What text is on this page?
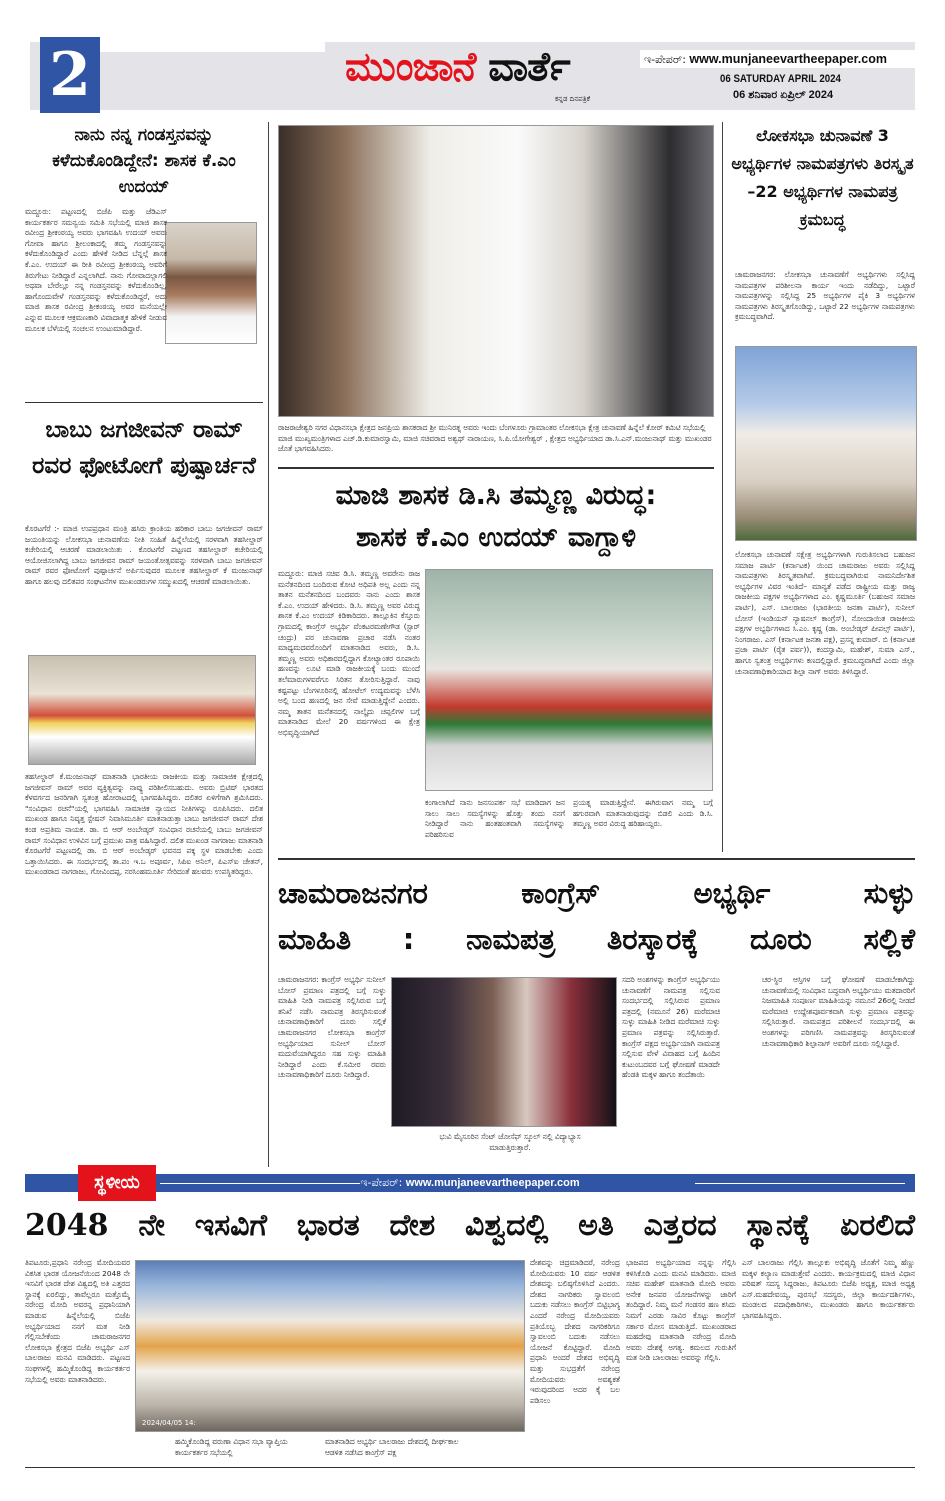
2	ಮುಂಜಾನೆ ವಾರ್ತೆ
ಕನ್ನಡ ದಿನಪತ್ರಿಕೆ
ಇ-ಪೇಪರ್: www.munjaneevartheepaper.com
06 SATURDAY APRIL 2024
06 ಶನಿವಾರ ಏಪ್ರಿಲ್ 2024
ನಾನು ನನ್ನ ಗಂಡಸ್ತನವನ್ನು ಕಳೆದುಕೊಂಡಿದ್ದೇನೆ: ಶಾಸಕ ಕೆ.ಎಂ ಉದಯ್
ಮದ್ದೂರು: ಪಟ್ಟಣದಲ್ಲಿ ಬಿಜೆಪಿ ಮತ್ತು ಜೆಡಿಎಸ್ ಕಾರ್ಯಕರ್ತರ ಸಮನ್ವಯ ಸಮಿತಿ ಸಭೆಯಲ್ಲಿ ಮಾಜಿ ಶಾಸಕ ರವೀಂದ್ರ ಶ್ರೀಕಂಠಯ್ಯ ಅವರು ಭಾಗವಹಿಸಿ ಉದಯ್ ಅವರು ಗೋವಾ ಹಾಗೂ ಶ್ರೀಲಂಕಾದಲ್ಲಿ ತಮ್ಮ ಗಂಡಸ್ತನವನ್ನು ಕಳೆದುಕೊಂಡಿದ್ದಾರೆ ಎಂದು ಹೇಳಿಕೆ ನೀಡಿದ ಬೆನ್ನಲ್ಲೆ ಶಾಸಕ ಕೆ.ಎಂ. ಉದಯ್ ಈ ರೀತಿ ರವೀಂದ್ರ ಶ್ರೀಕಂಠಯ್ಯ ಅವರಿಗೆ ತಿರುಗೇಟು ನೀಡಿದ್ದಾರೆ ಎನ್ನಲಾಗಿದೆ. ನಾನು ಗೋವಾದಲ್ಲಾಗಲಿ ಅಥವಾ ಬೇರೆಲ್ಲೂ ನನ್ನ ಗಂಡಸ್ತನವನ್ನು ಕಳೆದುಕೊಂಡಿಲ್ಲ, ಹಾಗೊಂದುವೇಳೆ ಗಂಡಸ್ತನವನ್ನು ಕಳೆದುಕೊಂಡಿದ್ದರೆ, ಅದು ಮಾಜಿ ಶಾಸಕ ರವೀಂದ್ರ ಶ್ರೀಕಂಠಯ್ಯ ಅವರ ಮನೆಯಲ್ಲೇ ಎನ್ನುವ ಮೂಲಕ ಆಕ್ರಮಣಕಾರಿ ವಿವಾದಾತ್ಮಕ ಹೇಳಿಕೆ ನೀಡುವ ಮೂಲಕ ಬೆಳೆಯಲ್ಲಿ ಸಂಚಲನ ಉಂಟುಮಾಡಿದ್ದಾರೆ.
ಬಾಬು ಜಗಜೀವನ್ ರಾಮ್ ರವರ ಫೋಟೋಗೆ ಪುಷ್ಪಾರ್ಚನೆ
ಕೊರಟಗೆರೆ :- ಮಾಜಿ ಉಪಪ್ರಧಾನ ಮಂತ್ರಿ ಹಸಿರು ಕ್ರಾಂತಿಯ ಹರಿಕಾರ ಬಾಬು ಜಗಜೀವನ್ ರಾಮ್ ಜಯಂತಿಯನ್ನು ಲೋಕಸಭಾ ಚುನಾವಣೆಯ ನೀತಿ ಸಂಹಿತೆ ಹಿನ್ನೆಲೆಯಲ್ಲಿ ಸರಳವಾಗಿ ತಹಸೀಲ್ದಾರ್ ಕಚೇರಿಯಲ್ಲಿ ಆಚರಣೆ ಮಾಡಲಾಯಿತು . ಕೊರಟಗೆರೆ ಪಟ್ಟಣದ ತಹಸೀಲ್ದಾರ್ ಕಚೇರಿಯಲ್ಲಿ ಆಯೋಜಿಸಲಾಗಿದ್ದ ಬಾಬು ಜಗಜೀವನ ರಾಮ್ ಜಯಂತೋತ್ಸವವನ್ನು ಸರಳವಾಗಿ ಬಾಬು ಜಗಜೀವನ್ ರಾಮ್ ರವರ ಫೋಟೋಗೆ ಪುಷ್ಪಾರ್ಚನೆ ಅರ್ಪಿಸುವುದರ ಮೂಲಕ ತಹಸೀಲ್ದಾರ್ ಕೆ ಮಂಜುನಾಥ್ ಹಾಗೂ ಹಲವು ದಲಿತಪರ ಸಂಘಟನೆಗಳ ಮುಖಂಡರುಗಳ ಸಮ್ಮುಖದಲ್ಲಿ ಆಚರಣೆ ಮಾಡಲಾಯಿತು.
ತಹಸೀಲ್ದಾರ್ ಕೆ.ಮಂಜುನಾಥ್ ಮಾತನಾಡಿ ಭಾರತೀಯ ರಾಜಕೀಯ ಮತ್ತು ಸಾಮಾಜಿಕ ಕ್ಷೇತ್ರದಲ್ಲಿ ಜಗಜೀವನ್ ರಾಮ್ ಅವರ ವ್ಯಕ್ತಿತ್ವವನ್ನು ನಾವ್ಯು ಪರಿಶೀಲಿಸಬಹುದು. ಅವರು ಬ್ರಿಟಿಷ್ ಭಾರತದ ಕೆಳವರ್ಗದ ಜನರಿಗಾಗಿ ಸ್ವತಂತ್ರ ಹೋರಾಟದಲ್ಲಿ ಭಾಗವಹಿಸಿದ್ದರು. ದಲಿತರ ಏಳಿಗೆಗಾಗಿ ಶ್ರಮಿಸಿದರು. "ಸಂವಿಧಾನ ರಚನೆ"ಯಲ್ಲಿ ಭಾಗವಹಿಸಿ ಸಾಮಾಜಿಕ ನ್ಯಾಯದ ನೀತಿಗಳನ್ನು ರೂಪಿಸಿದರು. ದಲಿತ ಮುಖಂಡ ಹಾಗೂ ನಿವೃತ್ತ ಸ್ಟೇಷನ್ ನಿವಾಸಿಮೂರ್ತಿ ಮಾತನಾಡುತ್ತಾ ಬಾಬು ಜಗಜೀವನ್ ರಾಮ್ ದೇಶ ಕಂಡ ಅಪ್ರತಿಮ ನಾಯಕ. ಡಾ. ಬಿ ಆರ್ ಅಂಬೇಡ್ಕರ್ ಸಂವಿಧಾನ ರಚನೆಯಲ್ಲಿ ಬಾಬು ಜಗಜೀವನ್ ರಾಮ್ ಸಂವಿಧಾನ ಉಳಿವಿನ ಬಗ್ಗೆ ಪ್ರಮುಖ ಪಾತ್ರ ವಹಿಸಿದ್ದಾರೆ. ದಲಿತ ಮುಖಂಡ ನಾಗರಾಜು ಮಾತನಾಡಿ ಕೊರಟಗೆರೆ ಪಟ್ಟಣದಲ್ಲಿ ಡಾ. ಬಿ ಆರ್ ಅಂಬೇಡ್ಕರ್ ಭವನದ ಪಕ್ಕ ಸ್ಥಳ ಮಾಡಬೇಕು ಎಂದು ಒತ್ತಾಯಿಸಿದರು. ಈ ಸಂದರ್ಭದಲ್ಲಿ ತಾ.ಪಂ ಇ.ಒ ಅಪೂರ್ವ, ಸಿಪಿಐ ಅನಿಲ್, ಪಿಎಸ್ಐ ಚೇತನ್, ಮುಖಂಡರಾದ ನಾಗರಾಜು, ಗೋವಿಂದಪ್ಪ, ನರಸಿಂಹಮೂರ್ತಿ ಸೇರಿದಂತೆ ಹಲವರು ಉಪಸ್ಥಿತರಿದ್ದರು.
ರಾಜರಾಜೇಶ್ವರಿ ನಗರ ವಿಧಾನಸಭಾ ಕ್ಷೇತ್ರದ ಜನಪ್ರಿಯ ಶಾಸಕರಾದ ಶ್ರೀ ಮುನಿರತ್ನ ಅವರು ಇಂದು ಬೆಂಗಳೂರು ಗ್ರಾಮಾಂತರ ಲೋಕಸಭಾ ಕ್ಷೇತ್ರ ಚುನಾವಣೆ ಹಿನ್ನೆಲೆ ಕೋರ್ ಕಮಿಟಿ ಸಭೆಯಲ್ಲಿ ಮಾಜಿ ಮುಖ್ಯಮಂತ್ರಿಗಳಾದ ಎಚ್.ಡಿ.ಕುಮಾರಸ್ವಾಮಿ, ಮಾಜಿ ಸಚಿವರಾದ ಅಶ್ವಥ್ ನಾರಾಯಣ, ಸಿ.ಪಿ.ಯೋಗೇಶ್ವರ್ , ಕ್ಷೇತ್ರದ ಅಭ್ಯರ್ಥಿಯಾದ ಡಾ.ಸಿ.ಎನ್.ಮಂಜುನಾಥ್ ಮತ್ತು ಮುಖಂಡರ ಜೊತೆ ಭಾಗವಹಿಸಿದರು.
ಮಾಜಿ ಶಾಸಕ ಡಿ.ಸಿ ತಮ್ಮಣ್ಣ ವಿರುದ್ಧ:
ಶಾಸಕ ಕೆ.ಎಂ ಉದಯ್ ವಾಗ್ದಾಳಿ
ಮದ್ದೂರು: ಮಾಜಿ ಸಚಿವ ಡಿ.ಸಿ. ತಮ್ಮಣ್ಣ ಅವರೇನು ರಾಜ ಮನೆತನದಿಂದ ಬಂದಿರುವ ಕೋಟಿ ಅಧಿಪತಿ ಅಲ್ಲ ಎಂದು ನನ್ನ ತಾತನ ಮನೆತನದಿಂದ ಬಂದವರು ನಾನು ಎಂದು ಶಾಸಕ ಕೆ.ಎಂ. ಉದಯ್ ಹೇಳಿದರು. ಡಿ.ಸಿ. ತಮ್ಮಣ್ಣ ಅವರ ವಿರುದ್ಧ ಶಾಸಕ ಕೆ.ಎಂ ಉದಯ್ ಕಿಡಿಕಾರಿದರು. ತಾಲ್ಲೂಕಿನ ಕೆಸ್ತೂರು ಗ್ರಾಮದಲ್ಲಿ ಕಾಂಗ್ರೆಸ್ ಅಭ್ಯರ್ಥಿ ವೆಂಕಟರಮಣೇಗೌಡ (ಸ್ಟಾರ್ ಚಂದ್ರು) ಪರ ಚುನಾವಣಾ ಪ್ರಚಾರ ನಡೆಸಿ ನಂತರ ಮಾಧ್ಯಮದವರೊಂದಿಗೆ ಮಾತನಾಡಿದ ಅವರು, ಡಿ.ಸಿ. ತಮ್ಮಣ್ಣ ಅವರು ಅಧಿಕಾರದಲ್ಲಿದ್ದಾಗ ಕೋಟ್ಯಾಂತರ ರೂಪಾಯಿ ಹಣವನ್ನು ಲೂಟಿ ಮಾಡಿ ರಾಜಕೀಯಕ್ಕೆ ಬಂದು ಮುಂದೆ ತಲೆಮಾರುಗಳವರೆಗೂ ಸಿರಿತನ ತೋರಿಸುತ್ತಿದ್ದಾರೆ. ನಾವು ಕಷ್ಟಪಟ್ಟು ಬೆಂಗಳೂರಿನಲ್ಲಿ ಹೋಟೆಲ್ ಉದ್ಯಮವನ್ನು ಬೆಳೆಸಿ ಅಲ್ಲಿ ಬಂದ ಹಣದಲ್ಲಿ ಜನ ಸೇವೆ ಮಾಡುತ್ತಿದ್ದೇನೆ ಎಂದರು. ನಮ್ಮ ತಾತನ ಮನೆತನದಲ್ಲಿ ನಾಲ್ಕೈದು ಚಪ್ಪಲಿಗಳ ಬಗ್ಗೆ ಮಾತನಾಡಿದ ಮೇಲೆ 20 ವರ್ಷಗಳಿಂದ ಈ ಕ್ಷೇತ್ರ ಅಭಿವೃದ್ಧಿಯಾಗಿದೆ
ಕಂಗಾಲಾಗಿದೆ ನಾನು ಜನಸಂಪರ್ಕ ಸಭೆ ಮಾಡಿದಾಗ ಜನ ಸಾಲು ಸಾಲು ಸಮಸ್ಯೆಗಳನ್ನು ಹೊತ್ತು ತಂದು ನನಗೆ ನೀಡಿದ್ದಾರೆ ನಾನು ಹಂತಹಂತವಾಗಿ ಸಮಸ್ಯೆಗಳನ್ನು ಪರಿಹರಿಸುವ
ಪ್ರಯತ್ನ ಮಾಡುತ್ತಿದ್ದೇನೆ. ಈಗಿರುವಾಗ ನಮ್ಮ ಬಗ್ಗೆ ಹಗುರವಾಗಿ ಮಾತನಾಡುವುದನ್ನು ಬಿಡಲಿ ಎಂದು ಡಿ.ಸಿ. ತಮ್ಮಣ್ಣ ಅವರ ವಿರುದ್ಧ ಹರಿಹಾಯ್ದರು.
ಚಾಮರಾಜನಗರ ಕಾಂಗ್ರೆಸ್ ಅಭ್ಯರ್ಥಿ ಸುಳ್ಳು
ಮಾಹಿತಿ : ನಾಮಪತ್ರ ತಿರಸ್ಕಾರಕ್ಕೆ ದೂರು ಸಲ್ಲಿಕೆ
ಚಾಮರಾಜನಗರ: ಕಾಂಗ್ರೆಸ್ ಅಭ್ಯರ್ಥಿ ಸುನೀಲ್ ಬೋಸ್ ಪ್ರಮಾಣ ಪತ್ರದಲ್ಲಿ ಬಗ್ಗೆ ಸುಳ್ಳು ಮಾಹಿತಿ ನೀಡಿ ನಾಮಪತ್ರ ಸಲ್ಲಿಸಿರುವ ಬಗ್ಗೆ ತನಿಖೆ ನಡೆಸಿ ನಾಮಪತ್ರ ತಿರಸ್ಕರಿಸುವಂತೆ ಚುನಾವಣಾಧಿಕಾರಿಗೆ ದೂರು ಸಲ್ಲಿಕೆ ಚಾಮರಾಜನಗರ ಲೋಕಸಭಾ ಕಾಂಗ್ರೆಸ್ ಅಭ್ಯರ್ಥಿಯಾದ ಸುನೀಲ್ ಬೋಸ್ ಮದುವೆಯಾಗಿದ್ದರೂ ಸಹ ಸುಳ್ಳು ಮಾಹಿತಿ ನೀಡಿದ್ದಾರೆ ಎಂದು ಕೆ.ಸಮೀರ ರವರು ಚುನಾವಣಾಧಿಕಾರಿಗೆ ದೂರು ನೀಡಿದ್ದಾರೆ.
ಭುವಿ ಮೈಸೂರಿನ ಸೆಂಟ್ ಜೋಸೆಫ್ ಸ್ಕೂಲ್ ನಲ್ಲಿ ವಿದ್ಯಾಭ್ಯಾಸ ಮಾಡುತ್ತಿರುತ್ತಾರೆ.
ಸದರಿ ಅಂಶಗಳನ್ನು ಕಾಂಗ್ರೆಸ್ ಅಭ್ಯರ್ಥಿಯು ಚುನಾವಣೆಗೆ ನಾಮಪತ್ರ ಸಲ್ಲಿಸುವ ಸಂದರ್ಭದಲ್ಲಿ ಸಲ್ಲಿಸಿರುವ ಪ್ರಮಾಣ ಪತ್ರದಲ್ಲಿ (ನಮೂನೆ 26) ಮರೆಮಾಚಿ ಸುಳ್ಳು ಮಾಹಿತಿ ನೀಡಿದ ಮರೆಮಾಚಿ ಸುಳ್ಳು ಪ್ರಮಾಣ ಪತ್ರವನ್ನು ಸಲ್ಲಿಸಿರುತ್ತಾರೆ. ಕಾಂಗ್ರೆಸ್ ಪಕ್ಷದ ಅಭ್ಯರ್ಥಿಯಾಗಿ ನಾಮಪತ್ರ ಸಲ್ಲಿಸುವ ವೇಳೆ ವಿವಾಹದ ಬಗ್ಗೆ ಹಿಂದಿನ ಕುಟುಂಬದವರ ಬಗ್ಗೆ ಘೋಷಣೆ ಮಾಡದೇ ಹೆಂಡತಿ ಮಕ್ಕಳ ಹಾಗೂ ತಂದೆತಾಯಿ
ಚರ-ಸ್ಥಿರ ಆಸ್ತಿಗಳ ಬಗ್ಗೆ ಘೋಷಣೆ ಮಾಡಬೇಕಾಗಿದ್ದು ಚುನಾವಣೆಯಲ್ಲಿ ಸಂವಿಧಾನ ಬದ್ಧವಾಗಿ ಅಭ್ಯರ್ಥಿಯು ಮತದಾರರಿಗೆ ನಿಜಮಾಹಿತಿ ಸಂಪೂರ್ಣ ಮಾಹಿತಿಯನ್ನು ನಮೂನೆ 26ರಲ್ಲಿ ನೀಡದೆ ಮರೆಮಾಚಿ ಉದ್ದೇಶಪೂರ್ವಕವಾಗಿ ಸುಳ್ಳು ಪ್ರಮಾಣ ಪತ್ರವನ್ನು ಸಲ್ಲಿಸಿರುತ್ತಾರೆ. ನಾಮಪತ್ರದ ಪರಿಶೀಲನೆ ಸಂದರ್ಭದಲ್ಲಿ ಈ ಅಂಶಗಳನ್ನು ಪರಿಗಣಿಸಿ ನಾಮಪತ್ರವನ್ನು ತಿರಸ್ಕರಿಸುವಂತೆ ಚುನಾವಣಾಧಿಕಾರಿ ಶಿಲ್ಪಾನಾಗ್ ಅವರಿಗೆ ದೂರು ಸಲ್ಲಿಸಿದ್ದಾರೆ.
ಲೋಕಸಭಾ ಚುನಾವಣೆ 3 ಅಭ್ಯರ್ಥಿಗಳ ನಾಮಪತ್ರಗಳು ತಿರಸ್ಕೃತ –22 ಅಭ್ಯರ್ಥಿಗಳ ನಾಮಪತ್ರ ಕ್ರಮಬದ್ಧ
ಚಾಮರಾಜನಗರ: ಲೋಕಸಭಾ ಚುನಾವಣೆಗೆ ಅಭ್ಯರ್ಥಿಗಳು ಸಲ್ಲಿಸಿದ್ದ ನಾಮಪತ್ರಗಳ ಪರಿಶೀಲನಾ ಕಾರ್ಯ ಇಂದು ನಡೆದಿದ್ದು, ಒಟ್ಟಾರೆ ನಾಮಪತ್ರಗಳನ್ನು ಸಲ್ಲಿಸಿದ್ದ 25 ಅಭ್ಯರ್ಥಿಗಳ ಪೈಕಿ 3 ಅಭ್ಯರ್ಥಿಗಳ ನಾಮಪತ್ರಗಳು ತಿರಸ್ಕೃತಗೊಂಡಿದ್ದು, ಒಟ್ಟಾರೆ 22 ಅಭ್ಯರ್ಥಿಗಳ ನಾಮಪತ್ರಗಳು ಕ್ರಮಬದ್ಧವಾಗಿದೆ.
ಲೋಕಸಭಾ ಚುನಾವಣೆ ಸಕ್ಷೇತ್ರ ಅಭ್ಯರ್ಥಿಗಳಾಗಿ ಗುರುತಿಸಲಾದ ಬಹುಜನ ಸಮಾಜ ಪಾರ್ಟಿ (ಕರ್ನಾಟಕ) ಯಿಂದ ಚಾಮರಾಜು ಅವರು ಸಲ್ಲಿಸಿದ್ದ ನಾಮಪತ್ರಗಳು ತಿರಸ್ಕೃತವಾಗಿವೆ. ಕ್ರಮಬದ್ಧವಾಗಿರುವ ನಾಮನಿರ್ದೇಶಿತ ಅಭ್ಯರ್ಥಿಗಳ ವಿವರ ಇಂತಿದೆ– ಮಾನ್ಯತೆ ಪಡೆದ ರಾಷ್ಟ್ರೀಯ ಮತ್ತು ರಾಜ್ಯ ರಾಜಕೀಯ ಪಕ್ಷಗಳ ಅಭ್ಯರ್ಥಿಗಳಾದ ಎಂ. ಕೃಷ್ಣಮೂರ್ತಿ (ಬಹುಜನ ಸಮಾಜ ಪಾರ್ಟಿ), ಎಸ್. ಬಾಲರಾಜು (ಭಾರತೀಯ ಜನತಾ ಪಾರ್ಟಿ), ಸುನೀಲ್ ಬೋಸ್ (ಇಂಡಿಯನ್ ನ್ಯಾಷನಲ್ ಕಾಂಗ್ರೆಸ್), ನೋಂದಾಯಿತ ರಾಜಕೀಯ ಪಕ್ಷಗಳ ಅಭ್ಯರ್ಥಿಗಳಾದ ಸಿ.ಎಂ. ಕೃಷ್ಣ (ಡಾ. ಅಂಬೇಡ್ಕರ್ ಪೀಪಲ್ಸ್ ಪಾರ್ಟಿ), ನಿಂಗರಾಜು. ಎಸ್ (ಕರ್ನಾಟಕ ಜನತಾ ಪಕ್ಷ), ಪ್ರಸನ್ನ ಕುಮಾರ್. ಬಿ (ಕರ್ನಾಟಕ ಪ್ರಜಾ ಪಾರ್ಟಿ (ರೈತ ಪರ್ವ)), ಕಂದಸ್ವಾಮಿ, ಮಹೇಶ್, ಸುಮಾ ಎಸ್., ಹಾಗೂ ಸ್ವತಂತ್ರ ಅಭ್ಯರ್ಥಿಗಳು ಕಣದಲ್ಲಿದ್ದಾರೆ. ಕ್ರಮಬದ್ಧವಾಗಿದೆ ಎಂದು ಜಿಲ್ಲಾ ಚುನಾವಣಾಧಿಕಾರಿಯಾದ ಶಿಲ್ಪಾ ನಾಗ್ ಅವರು ತಿಳಿಸಿದ್ದಾರೆ.
ಇ-ಪೇಪರ್: www.munjaneevartheepaper.com
ಸ್ಥಳೀಯ
2048 ನೇ ಇಸವಿಗೆ ಭಾರತ ದೇಶ ವಿಶ್ವದಲ್ಲಿ ಅತಿ ಎತ್ತರದ ಸ್ಥಾನಕ್ಕೆ ಏರಲಿದೆ
ತಿಪಟೂರು,ಪ್ರಧಾನಿ ನರೇಂದ್ರ ಮೋದಿಯವರ ವಿಕಸಿತ ಭಾರತ ಯೋಜನೆಯಿಂದ 2048 ನೇ ಇಸವಿಗೆ ಭಾರತ ದೇಶ ವಿಶ್ವದಲ್ಲಿ ಅತಿ ಎತ್ತರದ ಸ್ಥಾನಕ್ಕೆ ಏರಲಿದ್ದು, ತಾವೆಲ್ಲರೂ ಮತ್ತೊಮ್ಮೆ ನರೇಂದ್ರ ಮೋದಿ ಅವರನ್ನ ಪ್ರಧಾನಿಯಾಗಿ ಮಾಡುವ ಹಿನ್ನೆಲೆಯಲ್ಲಿ ಬಿಜೆಪಿ ಅಭ್ಯರ್ಥಿಯಾದ ನನಗೆ ಮತ ನೀಡಿ ಗೆಲ್ಲಿಸಬೇಕೆಂದು ಚಾಮರಾಜನಗರ ಲೋಕಸಭಾ ಕ್ಷೇತ್ರದ ಬಿಜೆಪಿ ಅಭ್ಯರ್ಥಿ ಎಸ್ ಬಾಲರಾಜು ಮನವಿ ಮಾಡಿದರು. ಪಟ್ಟಣದ ಸಂಘಗಳಲ್ಲಿ ಹಮ್ಮಿಕೊಂಡಿದ್ದ ಕಾರ್ಯಕರ್ತರ ಸಭೆಯಲ್ಲಿ ಅವರು ಮಾತನಾಡಿದರು.
2024/04/05 14:
ಹಮ್ಮಿಕೊಂಡಿದ್ದ ವರುಣಾ ವಿಧಾನ ಸಭಾ ವ್ಯಾಪ್ತಿಯ ಕಾರ್ಯಕರ್ತರ ಸಭೆಯಲ್ಲಿ
ಮಾತನಾಡಿದ ಅಭ್ಯರ್ಥಿ ಬಾಲರಾಜು ದೇಶದಲ್ಲಿ ದೀರ್ಘಕಾಲ ಆಡಳಿತ ನಡೆಸಿದ ಕಾಂಗ್ರೆಸ್ ಪಕ್ಷ
ದೇಶವನ್ನು ಚಿದ್ರಮಾಡಿದರೆ, ನರೇಂದ್ರ ಮೋದಿಯವರು 10 ವರ್ಷ ಆಡಳಿತ ದೇಶವನ್ನು ಬಲಿಷ್ಠಗೊಳಿಸಿದೆ ಎಂದರು. ದೇಶದ ನಾಗರಿಕರು ಸ್ವಾವಲಂಬಿ ಬದುಕು ನಡೆಸಲು ಕಾಂಗ್ರೆಸ್ ಬಿಟ್ಟಿಭಾಗ್ಯ ಎಂದರೆ ನರೇಂದ್ರ ಮೋದಿಯವರು ಪ್ರತಿಯೊಬ್ಬ ದೇಶದ ನಾಗರಿಕರಿಗೂ ಸ್ವಾವಲಂಬಿ ಬದುಕು ನಡೆಸಲು ಯೋಜನೆ ಕೊಟ್ಟಿದ್ದಾರೆ. ಮೋದಿ ಪ್ರಧಾನಿ ಅಂದರೆ ದೇಶದ ಅಭಿವೃದ್ಧಿ ಮತ್ತು ಸುಭದ್ರತೆಗೆ ನರೇಂದ್ರ ಮೋದಿಯವರು ಅವಶ್ಯಕತೆ ಇರುವುದರಿಂದ ಅದರ ಕೈ ಬಲ ಪಡಿಸಲು
ಭಾಜಪದ ಅಭ್ಯರ್ಥಿಯಾದ ನನ್ನನ್ನು ಗೆಲ್ಲಿಸಿ ಕಳಿಸಿಕೊಡಿ ಎಂದು ಮನವಿ ಮಾಡಿದರು. ಮಾಜಿ ಸಚಿವ ಮಹೇಶ್ ಮಾತನಾಡಿ ಮೋದಿ ಅವರು ಅನೇಕ ಜನಪರ ಯೋಜನೆಗಳನ್ನು ಜಾರಿಗೆ ತಂದಿದ್ದಾರೆ. ನಿಮ್ಮ ಮನೆ ಗಂಡಸರ ಹಣ ಕಸಿದು ನಿಮಗೆ ಎರಡು ಸಾವಿರ ಕೊಟ್ಟು ಕಾಂಗ್ರೆಸ್ ಸರ್ಕಾರ ಮೋಸ ಮಾಡುತ್ತಿದೆ. ಮುಖಂಡರಾದ ಮಹದೇವು ಮಾತನಾಡಿ ನರೇಂದ್ರ ಮೋದಿ ಅವರು ದೇಶಕ್ಕೆ ಅಗತ್ಯ. ಕಮಲದ ಗುರುತಿಗೆ ಮತ ನೀಡಿ ಬಾಲರಾಜು ಅವರನ್ನು ಗೆಲ್ಲಿಸಿ.
ಎಸ್ ಬಾಲರಾಜು ಗೆಲ್ಲಿಸಿ ತಾಲ್ಲೂಕು ಅಭಿವೃದ್ಧಿ ಜೊತೆಗೆ ನಿಮ್ಮ ಹೆಣ್ಣು ಮಕ್ಕಳ ಕಲ್ಯಾಣ ಮಾಡುತ್ತೇವೆ ಎಂದರು. ಕಾರ್ಯಕ್ರಮದಲ್ಲಿ ಮಾಜಿ ವಿಧಾನ ಪರಿಷತ್ ಸದಸ್ಯ ಸಿದ್ದರಾಜು, ತಿಪಟೂರು ಬಿಜೆಪಿ ಅಧ್ಯಕ್ಷ, ಮಾಜಿ ಅಧ್ಯಕ್ಷ ಎಸ್.ಮಹದೇವಯ್ಯ, ಪುರಸಭೆ ಸದಸ್ಯರು, ಜಿಲ್ಲಾ ಕಾರ್ಯದರ್ಶಿಗಳು, ಮಂಡಲದ ಪದಾಧಿಕಾರಿಗಳು, ಮುಖಂಡರು ಹಾಗೂ ಕಾರ್ಯಕರ್ತರು ಭಾಗವಹಿಸಿದ್ದರು.
